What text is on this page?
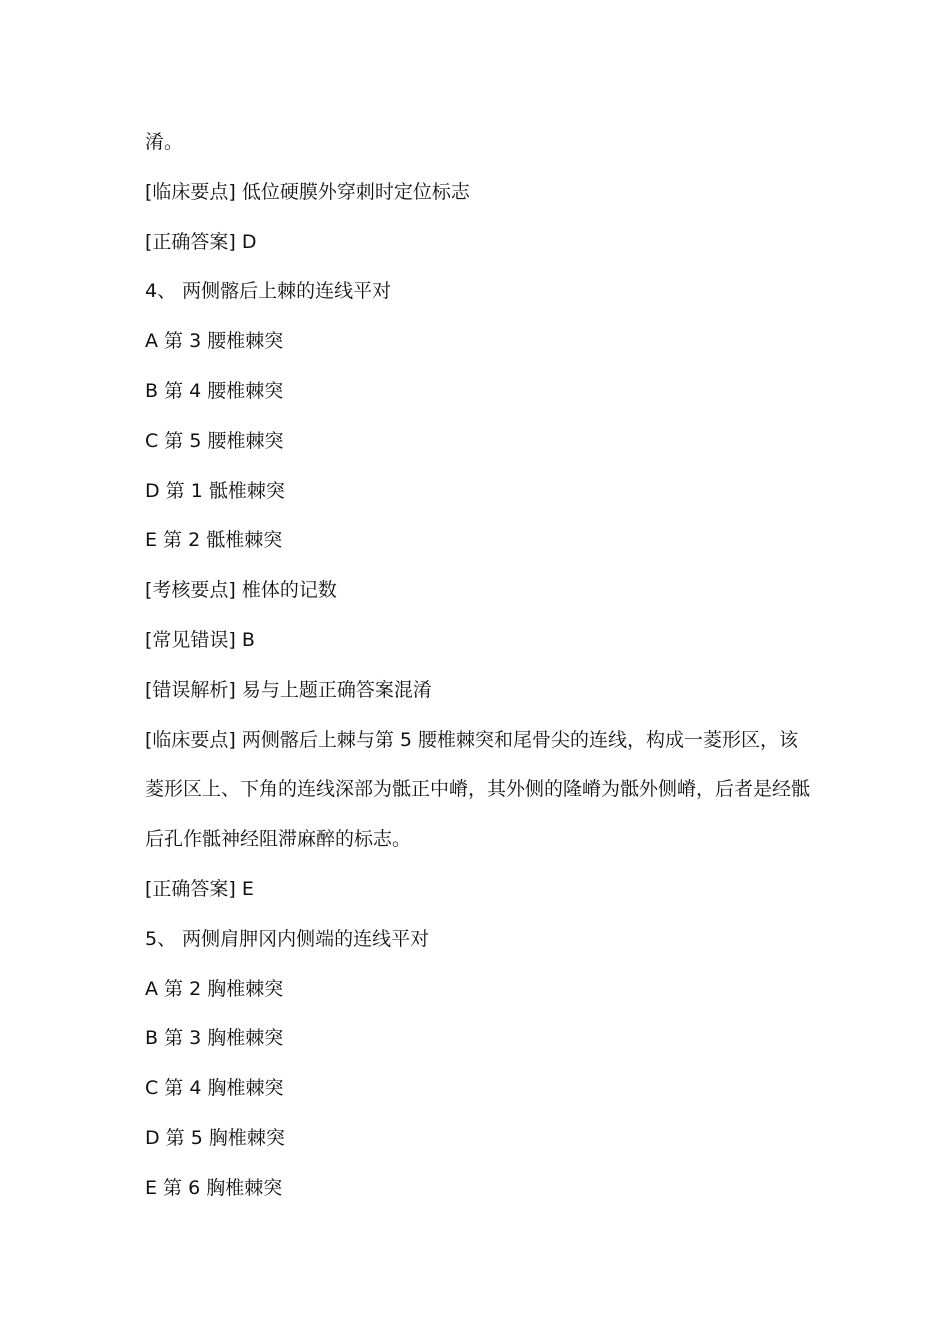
淆。
[临床要点] 低位硬膜外穿刺时定位标志
[正确答案] D
4、 两侧髂后上棘的连线平对
A 第 3 腰椎棘突
B 第 4 腰椎棘突
C 第 5 腰椎棘突
D 第 1 骶椎棘突
E 第 2 骶椎棘突
[考核要点] 椎体的记数
[常见错误] B
[错误解析] 易与上题正确答案混淆
[临床要点] 两侧髂后上棘与第 5 腰椎棘突和尾骨尖的连线，构成一菱形区，该
菱形区上、下角的连线深部为骶正中嵴，其外侧的隆嵴为骶外侧嵴，后者是经骶
后孔作骶神经阻滞麻醉的标志。
[正确答案] E
5、 两侧肩胛冈内侧端的连线平对
A 第 2 胸椎棘突
B 第 3 胸椎棘突
C 第 4 胸椎棘突
D 第 5 胸椎棘突
E 第 6 胸椎棘突
